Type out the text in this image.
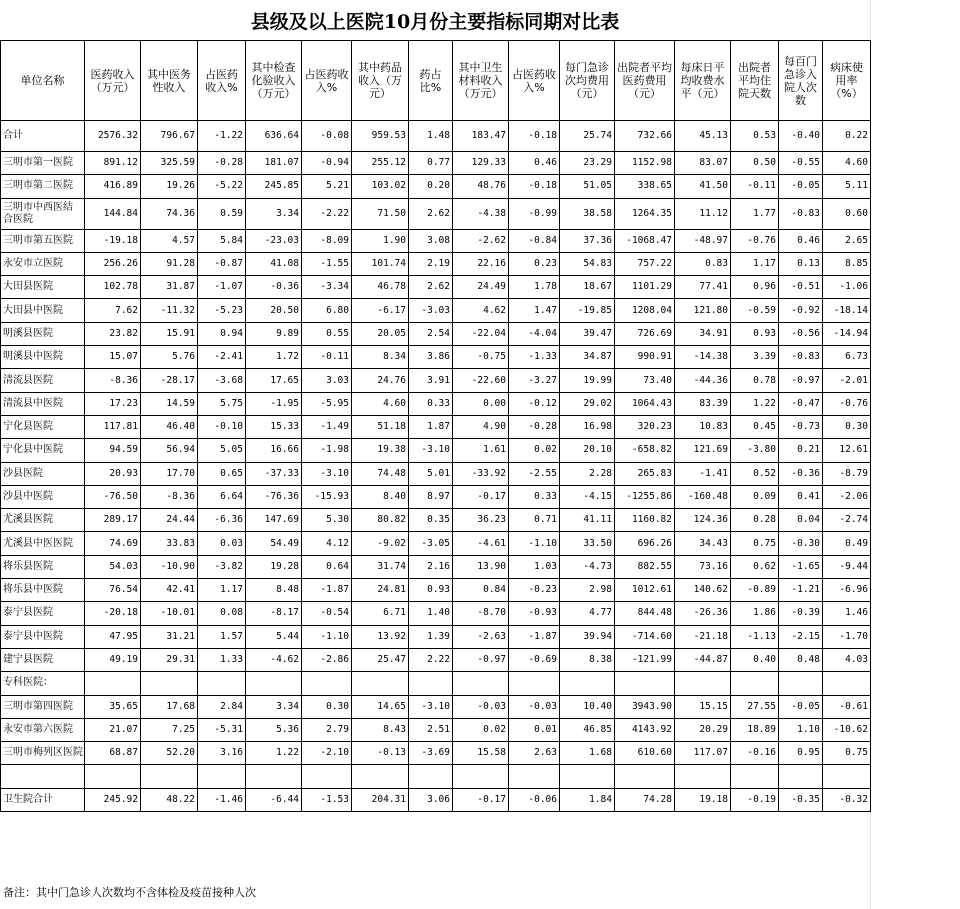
县级及以上医院10月份主要指标同期对比表
单位名称	医药收入（万元）	其中医务性收入	占医药收入%	其中检查化验收入（万元）	占医药收入%	其中药品收入（万元）	药占比%	其中卫生材料收入（万元）	占医药收入%	每门急诊次均费用（元）	出院者平均医药费用（元）	每床日平均收费水平（元）	出院者平均住院天数	每百门急诊入院人次数	病床使用率（%）
合计	2576.32	796.67	-1.22	636.64	-0.08	959.53	1.48	183.47	-0.18	25.74	732.66	45.13	0.53	-0.40	0.22
三明市第一医院	891.12	325.59	-0.28	181.07	-0.94	255.12	0.77	129.33	0.46	23.29	1152.98	83.07	0.50	-0.55	4.60
三明市第二医院	416.89	19.26	-5.22	245.85	5.21	103.02	0.20	48.76	-0.18	51.05	338.65	41.50	-0.11	-0.05	5.11
三明市中西医结合医院	144.84	74.36	0.59	3.34	-2.22	71.50	2.62	-4.38	-0.99	38.58	1264.35	11.12	1.77	-0.83	0.60
三明市第五医院	-19.18	4.57	5.84	-23.03	-8.09	1.90	3.08	-2.62	-0.84	37.36	-1068.47	-48.97	-0.76	0.46	2.65
永安市立医院	256.26	91.28	-0.87	41.08	-1.55	101.74	2.19	22.16	0.23	54.83	757.22	0.83	1.17	0.13	8.85
大田县医院	102.78	31.87	-1.07	-0.36	-3.34	46.78	2.62	24.49	1.78	18.67	1101.29	77.41	0.96	-0.51	-1.06
大田县中医院	7.62	-11.32	-5.23	20.50	6.80	-6.17	-3.03	4.62	1.47	-19.85	1208.04	121.80	-0.59	-0.92	-18.14
明溪县医院	23.82	15.91	0.94	9.89	0.55	20.05	2.54	-22.04	-4.04	39.47	726.69	34.91	0.93	-0.56	-14.94
明溪县中医院	15.07	5.76	-2.41	1.72	-0.11	8.34	3.86	-0.75	-1.33	34.87	990.91	-14.38	3.39	-0.83	6.73
清流县医院	-8.36	-28.17	-3.68	17.65	3.03	24.76	3.91	-22.60	-3.27	19.99	73.40	-44.36	0.78	-0.97	-2.01
清流县中医院	17.23	14.59	5.75	-1.95	-5.95	4.60	0.33	0.00	-0.12	29.02	1064.43	83.39	1.22	-0.47	-0.76
宁化县医院	117.81	46.40	-0.10	15.33	-1.49	51.18	1.87	4.90	-0.28	16.98	320.23	10.83	0.45	-0.73	0.30
宁化县中医院	94.59	56.94	5.05	16.66	-1.98	19.38	-3.10	1.61	0.02	20.10	-658.82	121.69	-3.80	0.21	12.61
沙县医院	20.93	17.70	0.65	-37.33	-3.10	74.48	5.01	-33.92	-2.55	2.28	265.83	-1.41	0.52	-0.36	-8.79
沙县中医院	-76.50	-8.36	6.64	-76.36	-15.93	8.40	8.97	-0.17	0.33	-4.15	-1255.86	-160.48	0.09	0.41	-2.06
尤溪县医院	289.17	24.44	-6.36	147.69	5.30	80.82	0.35	36.23	0.71	41.11	1160.82	124.36	0.28	0.04	-2.74
尤溪县中医医院	74.69	33.83	0.03	54.49	4.12	-9.02	-3.05	-4.61	-1.10	33.50	696.26	34.43	0.75	-0.30	0.49
将乐县医院	54.03	-10.90	-3.82	19.28	0.64	31.74	2.16	13.90	1.03	-4.73	882.55	73.16	0.62	-1.65	-9.44
将乐县中医院	76.54	42.41	1.17	8.48	-1.87	24.81	0.93	0.84	-0.23	2.98	1012.61	140.62	-0.89	-1.21	-6.96
泰宁县医院	-20.18	-10.01	0.08	-8.17	-0.54	6.71	1.40	-8.70	-0.93	4.77	844.48	-26.36	1.86	-0.39	1.46
泰宁县中医院	47.95	31.21	1.57	5.44	-1.10	13.92	1.39	-2.63	-1.87	39.94	-714.60	-21.18	-1.13	-2.15	-1.70
建宁县医院	49.19	29.31	1.33	-4.62	-2.86	25.47	2.22	-0.97	-0.69	8.38	-121.99	-44.87	0.40	0.48	4.03
专科医院：															
三明市第四医院	35.65	17.68	2.84	3.34	0.30	14.65	-3.10	-0.03	-0.03	10.40	3943.90	15.15	27.55	-0.05	-0.61
永安市第六医院	21.07	7.25	-5.31	5.36	2.79	8.43	2.51	0.02	0.01	46.85	4143.92	20.29	18.89	1.10	-10.62
三明市梅列区医院	68.87	52.20	3.16	1.22	-2.10	-0.13	-3.69	15.58	2.63	1.68	610.60	117.07	-0.16	0.95	0.75

卫生院合计	245.92	48.22	-1.46	-6.44	-1.53	204.31	3.06	-0.17	-0.06	1.84	74.28	19.18	-0.19	-0.35	-0.32
备注：其中门急诊人次数均不含体检及疫苗接种人次
